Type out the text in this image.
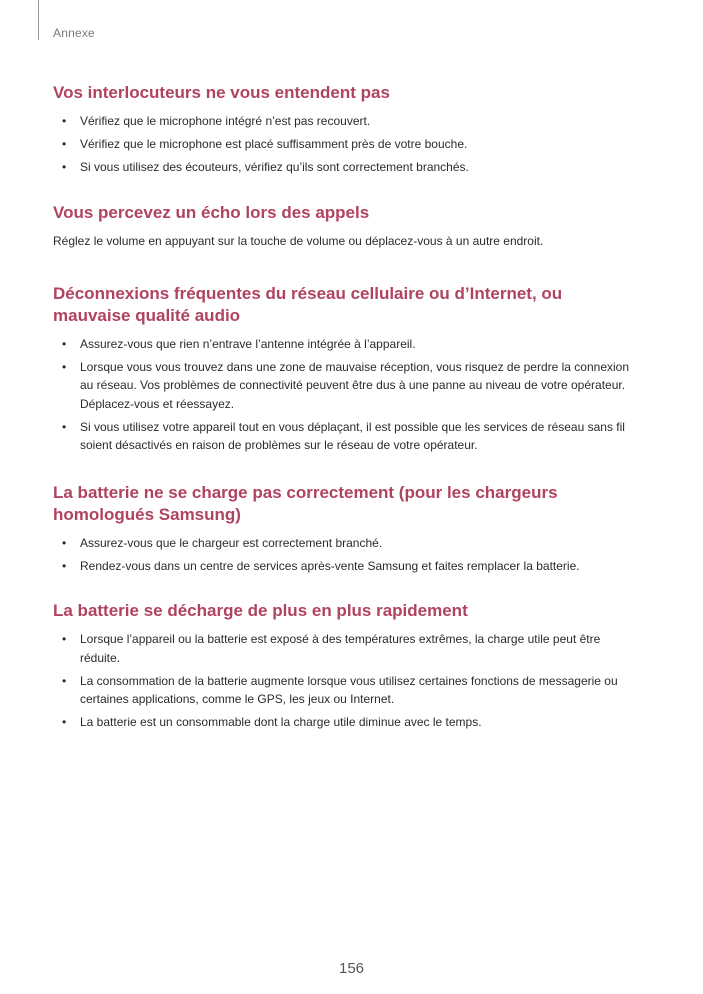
Annexe
Vos interlocuteurs ne vous entendent pas
• Vérifiez que le microphone intégré n’est pas recouvert.
• Vérifiez que le microphone est placé suffisamment près de votre bouche.
• Si vous utilisez des écouteurs, vérifiez qu’ils sont correctement branchés.
Vous percevez un écho lors des appels

Réglez le volume en appuyant sur la touche de volume ou déplacez-vous à un autre endroit.

Déconnexions fréquentes du réseau cellulaire ou d’Internet, ou mauvaise qualité audio
• Assurez-vous que rien n’entrave l’antenne intégrée à l’appareil.
• Lorsque vous vous trouvez dans une zone de mauvaise réception, vous risquez de perdre la connexion au réseau. Vos problèmes de connectivité peuvent être dus à une panne au niveau de votre opérateur. Déplacez-vous et réessayez.
• Si vous utilisez votre appareil tout en vous déplaçant, il est possible que les services de réseau sans fil soient désactivés en raison de problèmes sur le réseau de votre opérateur.
La batterie ne se charge pas correctement (pour les chargeurs homologués Samsung)
• Assurez-vous que le chargeur est correctement branché.
• Rendez-vous dans un centre de services après-vente Samsung et faites remplacer la batterie.
La batterie se décharge de plus en plus rapidement
• Lorsque l’appareil ou la batterie est exposé à des températures extrêmes, la charge utile peut être réduite.
• La consommation de la batterie augmente lorsque vous utilisez certaines fonctions de messagerie ou certaines applications, comme le GPS, les jeux ou Internet.
• La batterie est un consommable dont la charge utile diminue avec le temps.
156
